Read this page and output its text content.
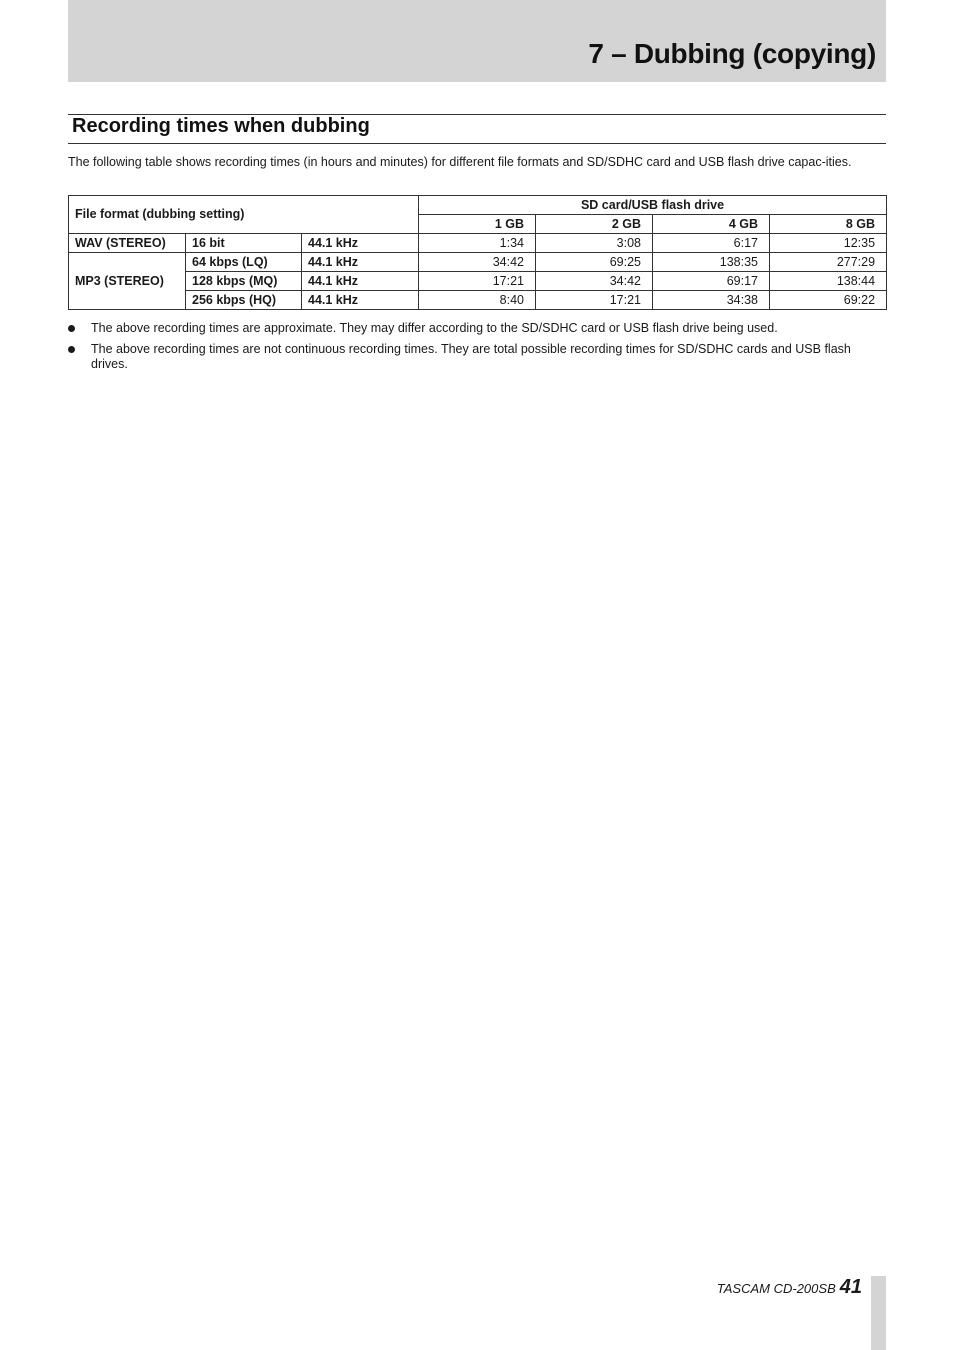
7 – Dubbing (copying)
Recording times when dubbing
The following table shows recording times (in hours and minutes) for different file formats and SD/SDHC card and USB flash drive capac-ities.
File format (dubbing setting)			SD card/USB flash drive			
			1 GB	2 GB	4 GB	8 GB
WAV (STEREO)	16 bit	44.1 kHz	1:34	3:08	6:17	12:35
MP3 (STEREO)	64 kbps (LQ)	44.1 kHz	34:42	69:25	138:35	277:29
	128 kbps (MQ)	44.1 kHz	17:21	34:42	69:17	138:44
	256 kbps (HQ)	44.1 kHz	8:40	17:21	34:38	69:22
The above recording times are approximate. They may differ according to the SD/SDHC card or USB flash drive being used.
The above recording times are not continuous recording times. They are total possible recording times for SD/SDHC cards and USB flash drives.
TASCAM CD-200SB 41
